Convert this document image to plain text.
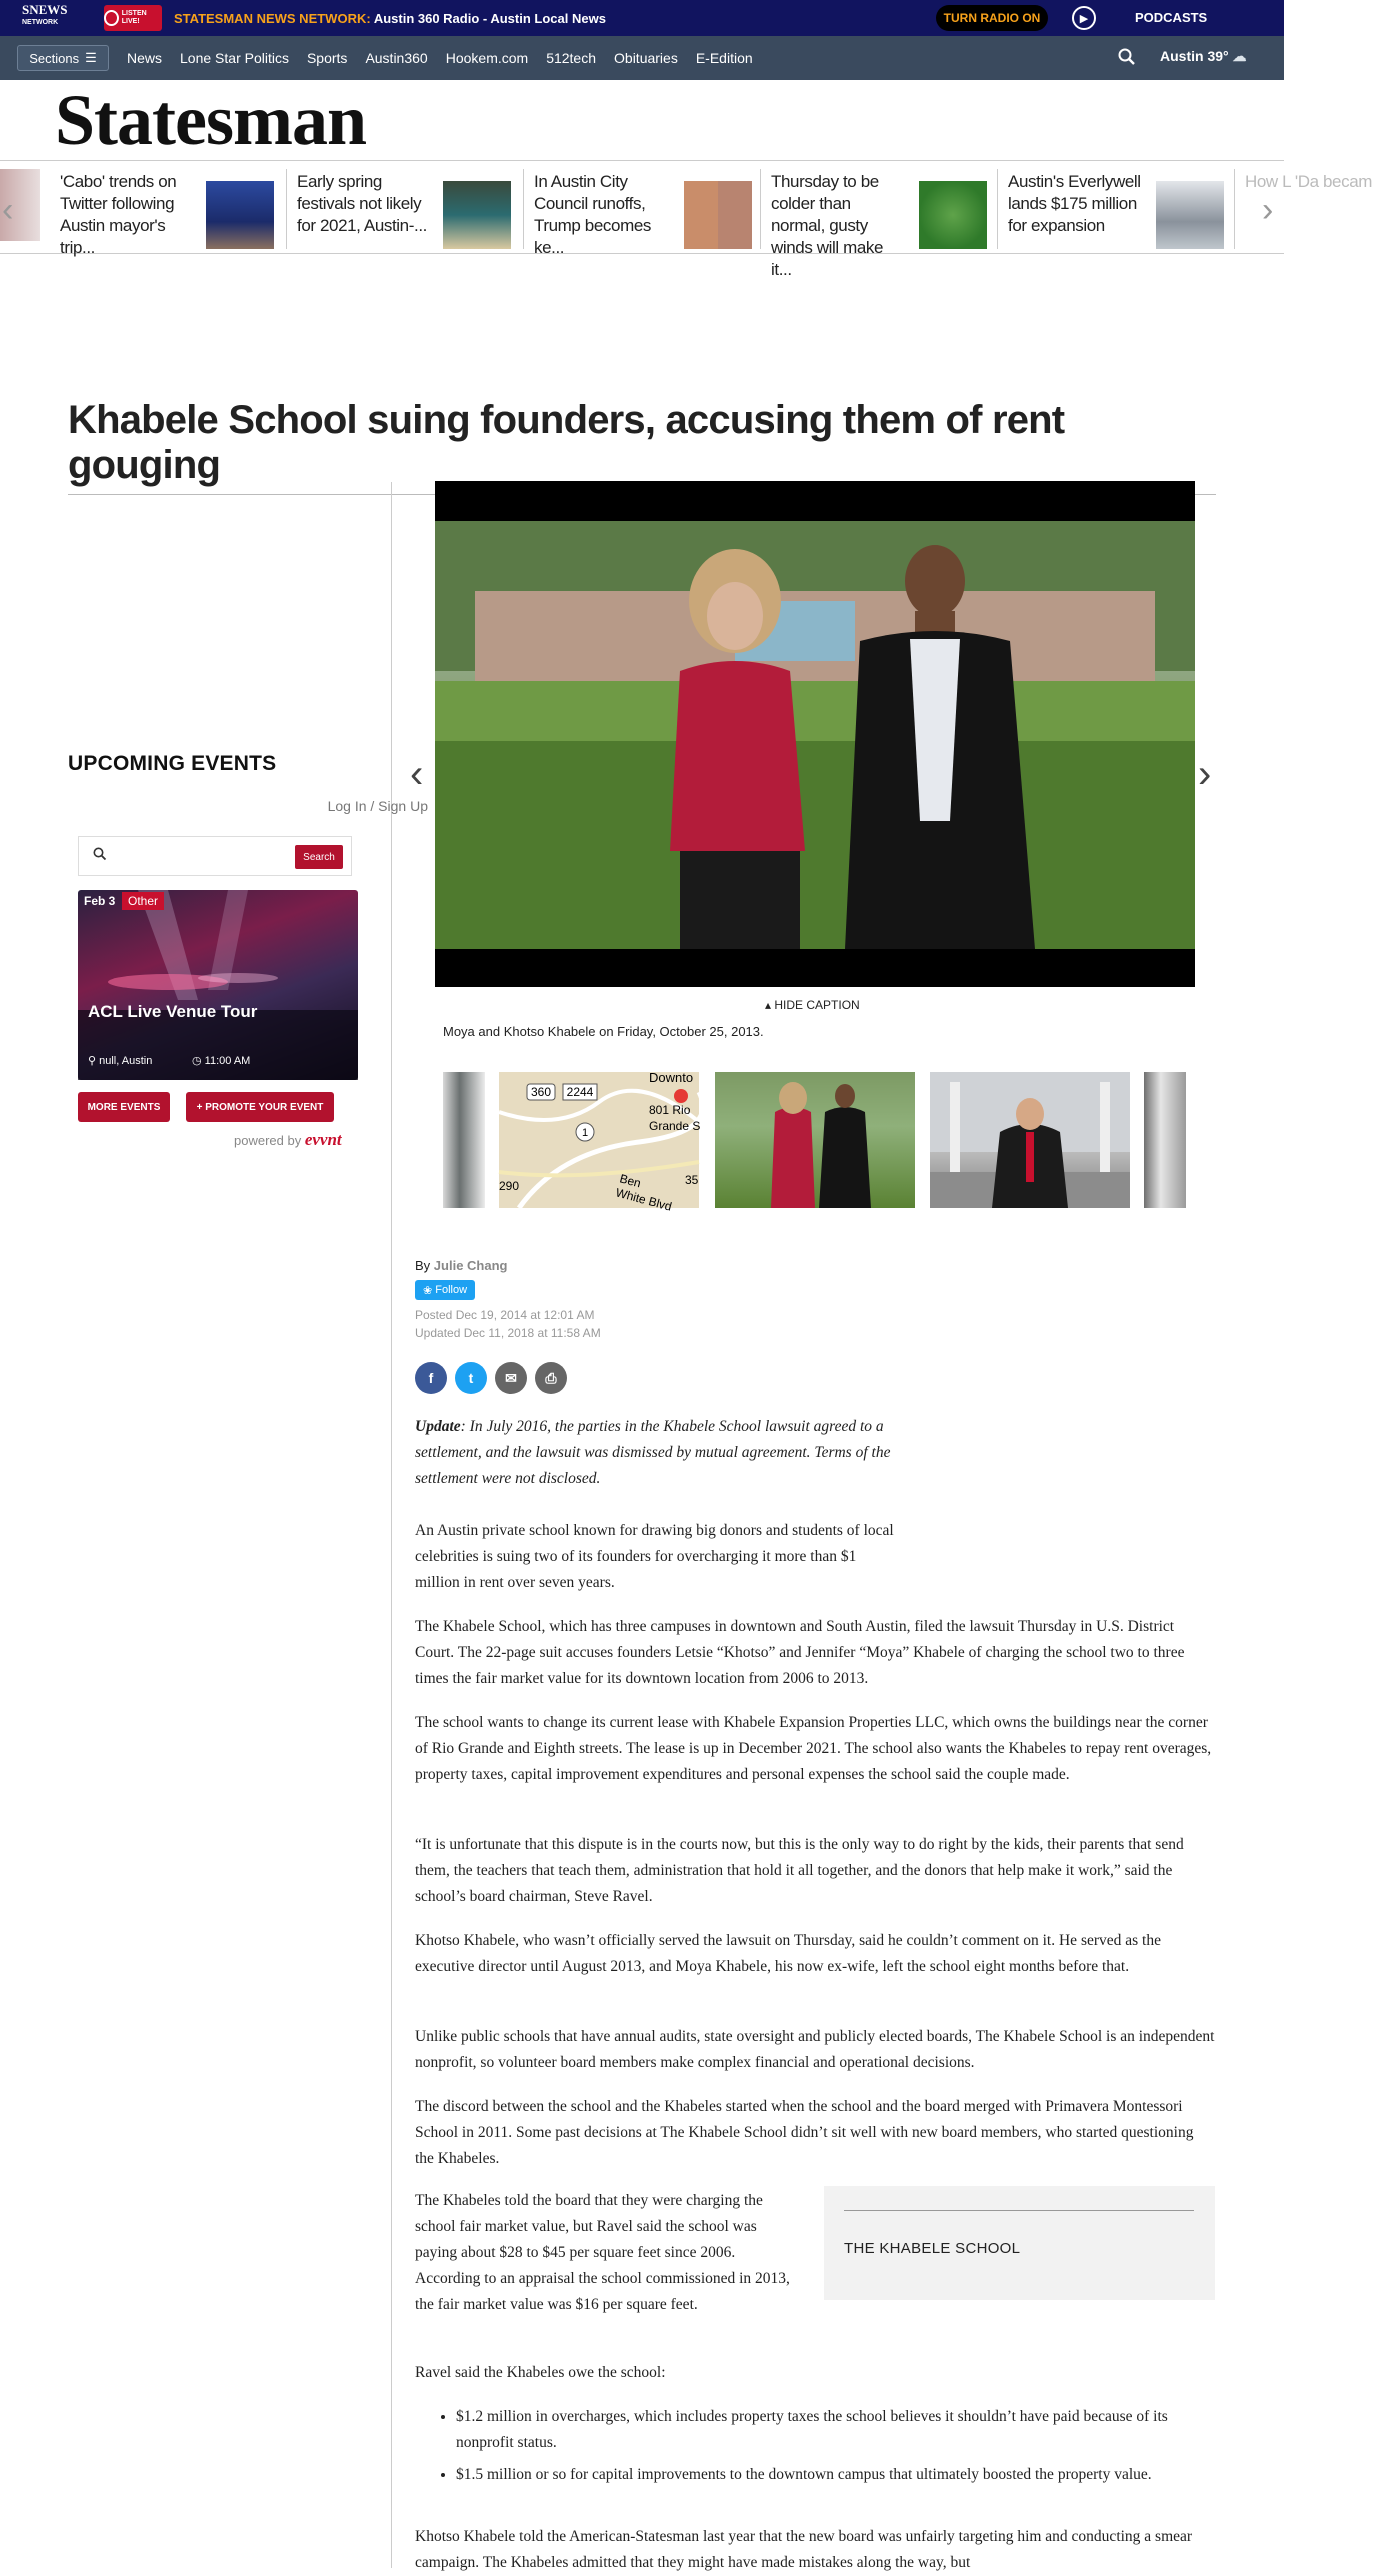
SNEWS
NETWORK
LISTEN LIVE!	STATESMAN NEWS NETWORK: Austin 360 Radio - Austin Local News	TURN RADIO ON	▶	PODCASTS
Sections ☰ News Lone Star Politics Sports Austin360 Hookem.com 512tech Obituaries E-Edition	Austin 39° ☁
Statesman
‹
'Cabo' trends on Twitter following Austin mayor's trip...
Early spring festivals not likely for 2021, Austin-...
In Austin City Council runoffs, Trump becomes ke...
Thursday to be colder than normal, gusty winds will make it...
Austin's Everlywell lands $175 million for expansion
How L 'Da becam
›
Khabele School suing founders, accusing them of rent gouging
UPCOMING EVENTS
Log In / Sign Up
Search
Feb 3	Other
ACL Live Venue Tour
⚲ null, Austin	◷ 11:00 AM
MORE EVENTS	+ PROMOTE YOUR EVENT
powered by evvnt
‹	›
▴ HIDE CAPTION
Moya and Khotso Khabele on Friday, October 25, 2013.
360 2244
1
Downto
801 Rio
Grande S
Ben
White Blvd
290	35
By Julie Chang
❀
Follow
Posted Dec 19, 2014 at 12:01 AM
Updated Dec 11, 2018 at 11:58 AM
f	t	✉	⎙

Update: In July 2016, the parties in the Khabele School lawsuit agreed to a settlement, and the lawsuit was dismissed by mutual agreement. Terms of the settlement were not disclosed.

An Austin private school known for drawing big donors and students of local celebrities is suing two of its founders for overcharging it more than $1 million in rent over seven years.

The Khabele School, which has three campuses in downtown and South Austin, filed the lawsuit Thursday in U.S. District Court. The 22-page suit accuses founders Letsie “Khotso” and Jennifer “Moya” Khabele of charging the school two to three times the fair market value for its downtown location from 2006 to 2013.

The school wants to change its current lease with Khabele Expansion Properties LLC, which owns the buildings near the corner of Rio Grande and Eighth streets. The lease is up in December 2021. The school also wants the Khabeles to repay rent overages, property taxes, capital improvement expenditures and personal expenses the school said the couple made.

“It is unfortunate that this dispute is in the courts now, but this is the only way to do right by the kids, their parents that send them, the teachers that teach them, administration that hold it all together, and the donors that help make it work,” said the school’s board chairman, Steve Ravel.

Khotso Khabele, who wasn’t officially served the lawsuit on Thursday, said he couldn’t comment on it. He served as the executive director until August 2013, and Moya Khabele, his now ex-wife, left the school eight months before that.

Unlike public schools that have annual audits, state oversight and publicly elected boards, The Khabele School is an independent nonprofit, so volunteer board members make complex financial and operational decisions.

The discord between the school and the Khabeles started when the school and the board merged with Primavera Montessori School in 2011. Some past decisions at The Khabele School didn’t sit well with new board members, who started questioning the Khabeles.

The Khabeles told the board that they were charging the school fair market value, but Ravel said the school was paying about $28 to $45 per square feet since 2006. According to an appraisal the school commissioned in 2013, the fair market value was $16 per square feet.

THE KHABELE SCHOOL

Ravel said the Khabeles owe the school:

• $1.2 million in overcharges, which includes property taxes the school believes it shouldn’t have paid because of its nonprofit status.
• $1.5 million or so for capital improvements to the downtown campus that ultimately boosted the property value.

Khotso Khabele told the American-Statesman last year that the new board was unfairly targeting him and conducting a smear campaign. The Khabeles admitted that they might have made mistakes along the way, but
